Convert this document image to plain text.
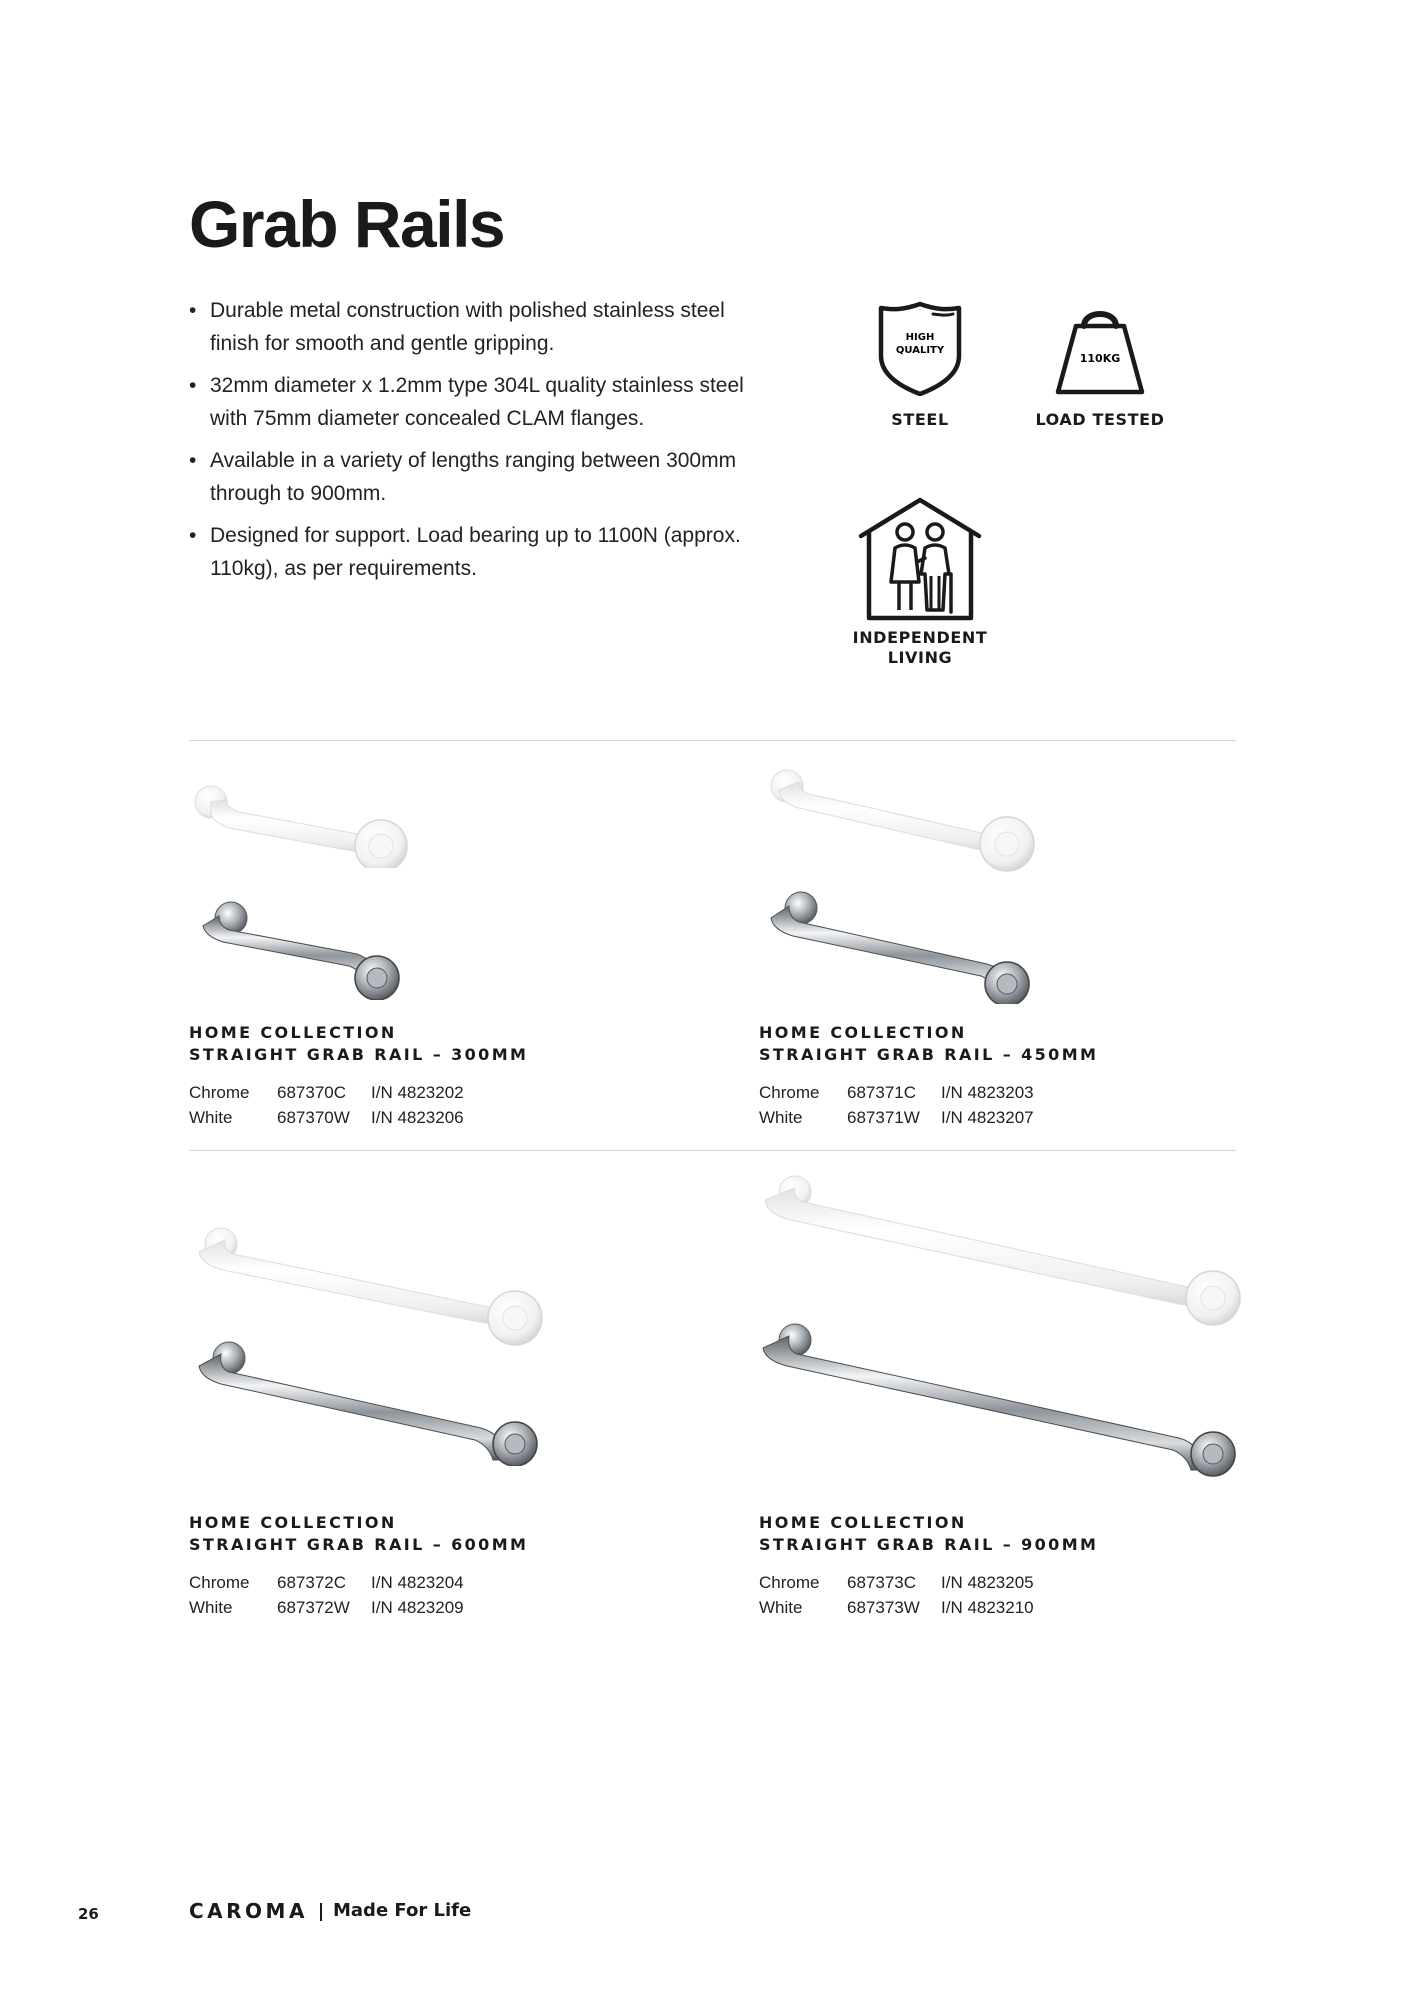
Grab Rails
• Durable metal construction with polished stainless steel finish for smooth and gentle gripping.
• 32mm diameter x 1.2mm type 304L quality stainless steel with 75mm diameter concealed CLAM flanges.
• Available in a variety of lengths ranging between 300mm through to 900mm.
• Designed for support. Load bearing up to 1100N (approx. 110kg), as per requirements.
HIGH
QUALITY
STEEL
110KG
LOAD TESTED
INDEPENDENT
LIVING
HOME COLLECTION
STRAIGHT GRAB RAIL – 300MM
Chrome 687370C I/N 4823202
White	687370W I/N 4823206
HOME COLLECTION
STRAIGHT GRAB RAIL – 450MM
Chrome 687371C I/N 4823203
White	687371W I/N 4823207
HOME COLLECTION
STRAIGHT GRAB RAIL – 600MM
Chrome 687372C I/N 4823204
White	687372W I/N 4823209
HOME COLLECTION
STRAIGHT GRAB RAIL – 900MM
Chrome 687373C I/N 4823205
White	687373W I/N 4823210
26	CAROMA Made For Life
